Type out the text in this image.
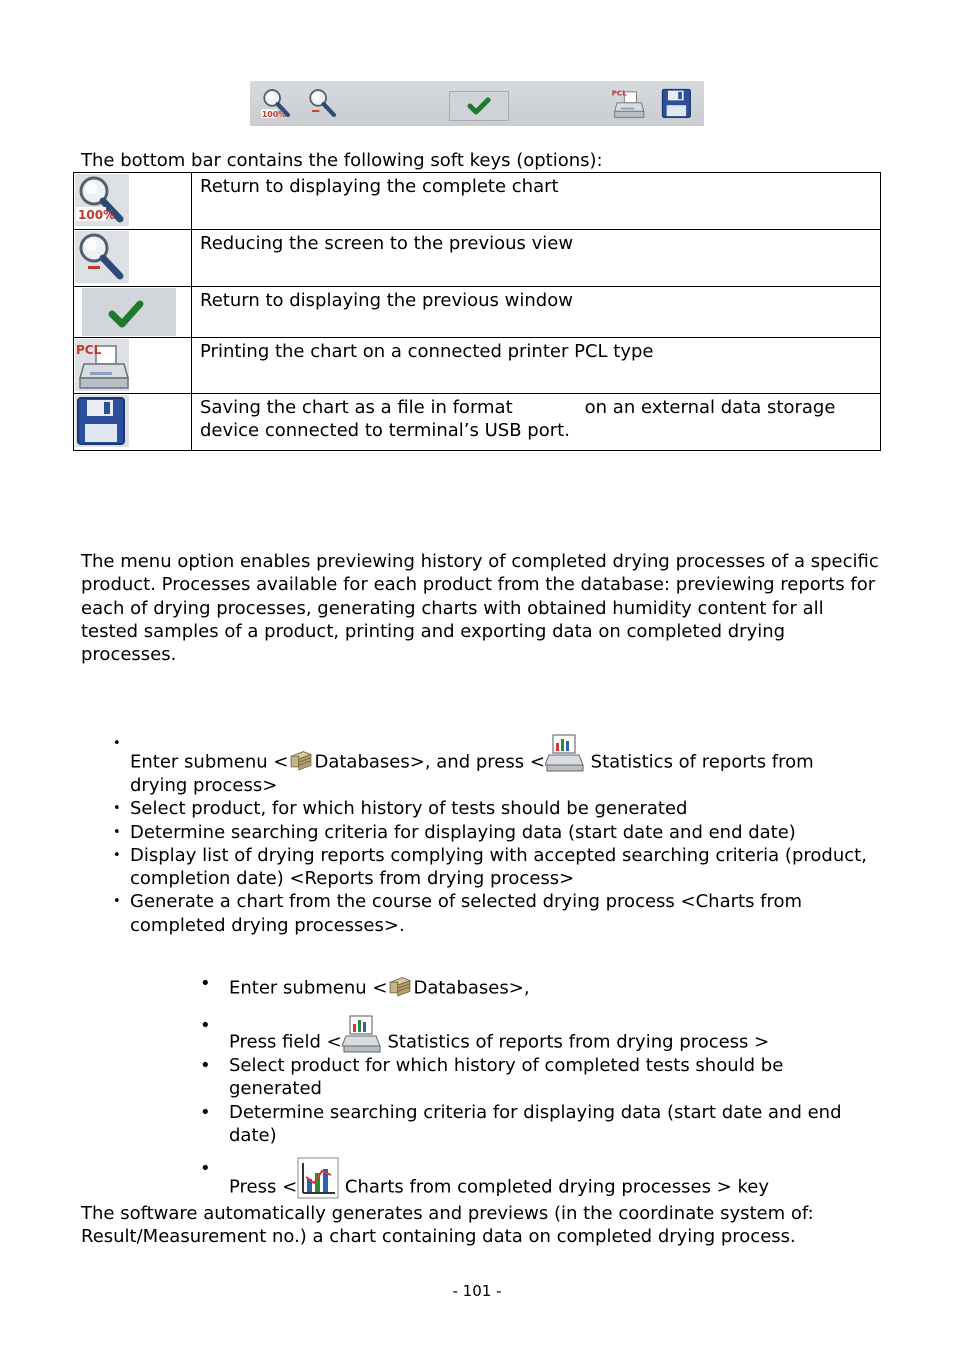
100%
PCL

The bottom bar contains the following soft keys (options):

100%	Return to displaying the complete chart

	Reducing the screen to the previous view

	Return to displaying the previous window

PCL	Printing the chart on a connected printer PCL type

	Saving the chart as a file in format on an external data storage device connected to terminal’s USB port.

The menu option enables previewing history of completed drying processes of a specific product. Processes available for each product from the database: previewing reports for each of drying processes, generating charts with obtained humidity content for all tested samples of a product, printing and exporting data on completed drying processes.

• Enter submenu < Databases>, and press < Statistics of reports from drying process>
• Select product, for which history of tests should be generated
• Determine searching criteria for displaying data (start date and end date)
• Display list of drying reports complying with accepted searching criteria (product, completion date) <Reports from drying process>
• Generate a chart from the course of selected drying process <Charts from completed drying processes>.
• Enter submenu < Databases>,
• Press field < Statistics of reports from drying process >
• Select product for which history of completed tests should be generated
• Determine searching criteria for displaying data (start date and end date)
• Press < Charts from completed drying processes > key

The software automatically generates and previews (in the coordinate system of: Result/Measurement no.) a chart containing data on completed drying process.

- 101 -
